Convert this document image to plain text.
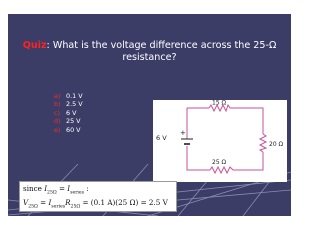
Quiz: What is the voltage difference across the 25-Ω resistance?
a) 0.1 V
b) 2.5 V
c) 6 V
d) 25 V
e) 60 V	+
15 Ω
20 Ω
25 Ω
6 V
since $I_{25\Omega} = I_{series}$ :
$V_{25\Omega} = I_{series}R_{25\Omega} = (0.1$ A)(25 Ω) = 2.5 V
